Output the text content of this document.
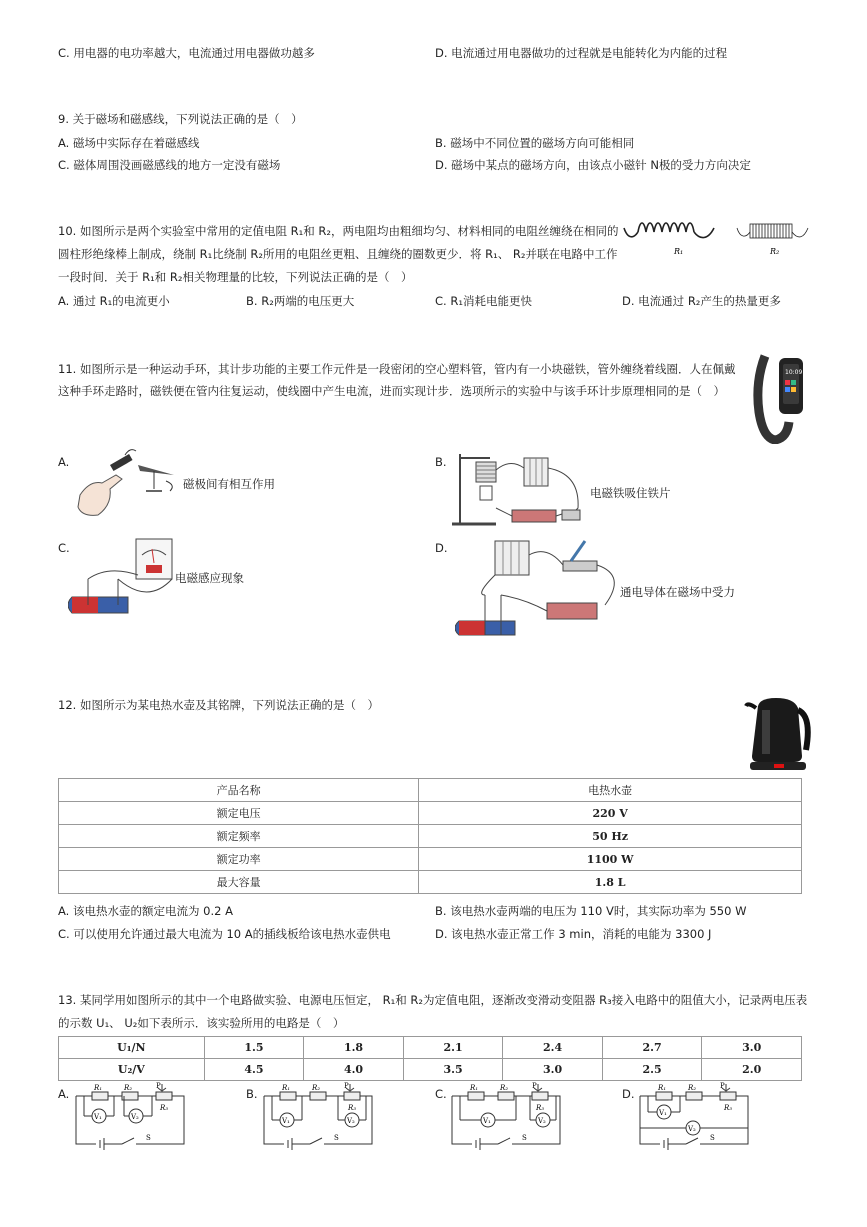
C. 用电器的电功率越大，电流通过用电器做功越多	D. 电流通过用电器做功的过程就是电能转化为内能的过程
9. 关于磁场和磁感线，下列说法正确的是（　）
A. 磁场中实际存在着磁感线	B. 磁场中不同位置的磁场方向可能相同
C. 磁体周围没画磁感线的地方一定没有磁场	D. 磁场中某点的磁场方向，由该点小磁针 N极的受力方向决定
10. 如图所示是两个实验室中常用的定值电阻 R₁和 R₂，两电阻均由粗细均匀、材料相同的电阻丝缠绕在相同的
圆柱形绝缘棒上制成，绕制 R₁比绕制 R₂所用的电阻丝更粗、且缠绕的圈数更少．将 R₁、 R₂并联在电路中工作
一段时间．关于 R₁和 R₂相关物理量的比较，下列说法正确的是（　）
A. 通过 R₁的电流更小	B. R₂两端的电压更大	C. R₁消耗电能更快	D. 电流通过 R₂产生的热量更多
R₁	R₂
11. 如图所示是一种运动手环，其计步功能的主要工作元件是一段密闭的空心塑料管，管内有一小块磁铁，管外缠绕着线圈．人在佩戴
这种手环走路时，磁铁便在管内往复运动，使线圈中产生电流，进而实现计步．选项所示的实验中与该手环计步原理相同的是（　）
10:09
A.	B.
C.	D.
磁极间有相互作用
电磁铁吸住铁片
电磁感应现象
通电导体在磁场中受力
12. 如图所示为某电热水壶及其铭牌，下列说法正确的是（　）
产品名称	电热水壶
额定电压	220 V
额定频率	50 Hz
额定功率	1100 W
最大容量	1.8 L
A. 该电热水壶的额定电流为 0.2 A	B. 该电热水壶两端的电压为 110 V时，其实际功率为 550 W
C. 可以使用允许通过最大电流为 10 A的插线板给该电热水壶供电	D. 该电热水壶正常工作 3 min，消耗的电能为 3300 J
13. 某同学用如图所示的其中一个电路做实验、电源电压恒定， R₁和 R₂为定值电阻，逐渐改变滑动变阻器 R₃接入电路中的阻值大小，记录两电压表
的示数 U₁、 U₂如下表所示．该实验所用的电路是（　）
U₁/N	1.5	1.8	2.1	2.4	2.7	3.0
U₂/V	4.5	4.0	3.5	3.0	2.5	2.0
A.	B.	C.	D.
R₁	R₂	P
R₃
V₁	V₂
S
R₁	R₂	P
R₃
V₁	V₂
S
R₁	R₂	P
R₃
V₁	V₂
S
R₁	R₂	P
R₃
V₁
V₂
S
